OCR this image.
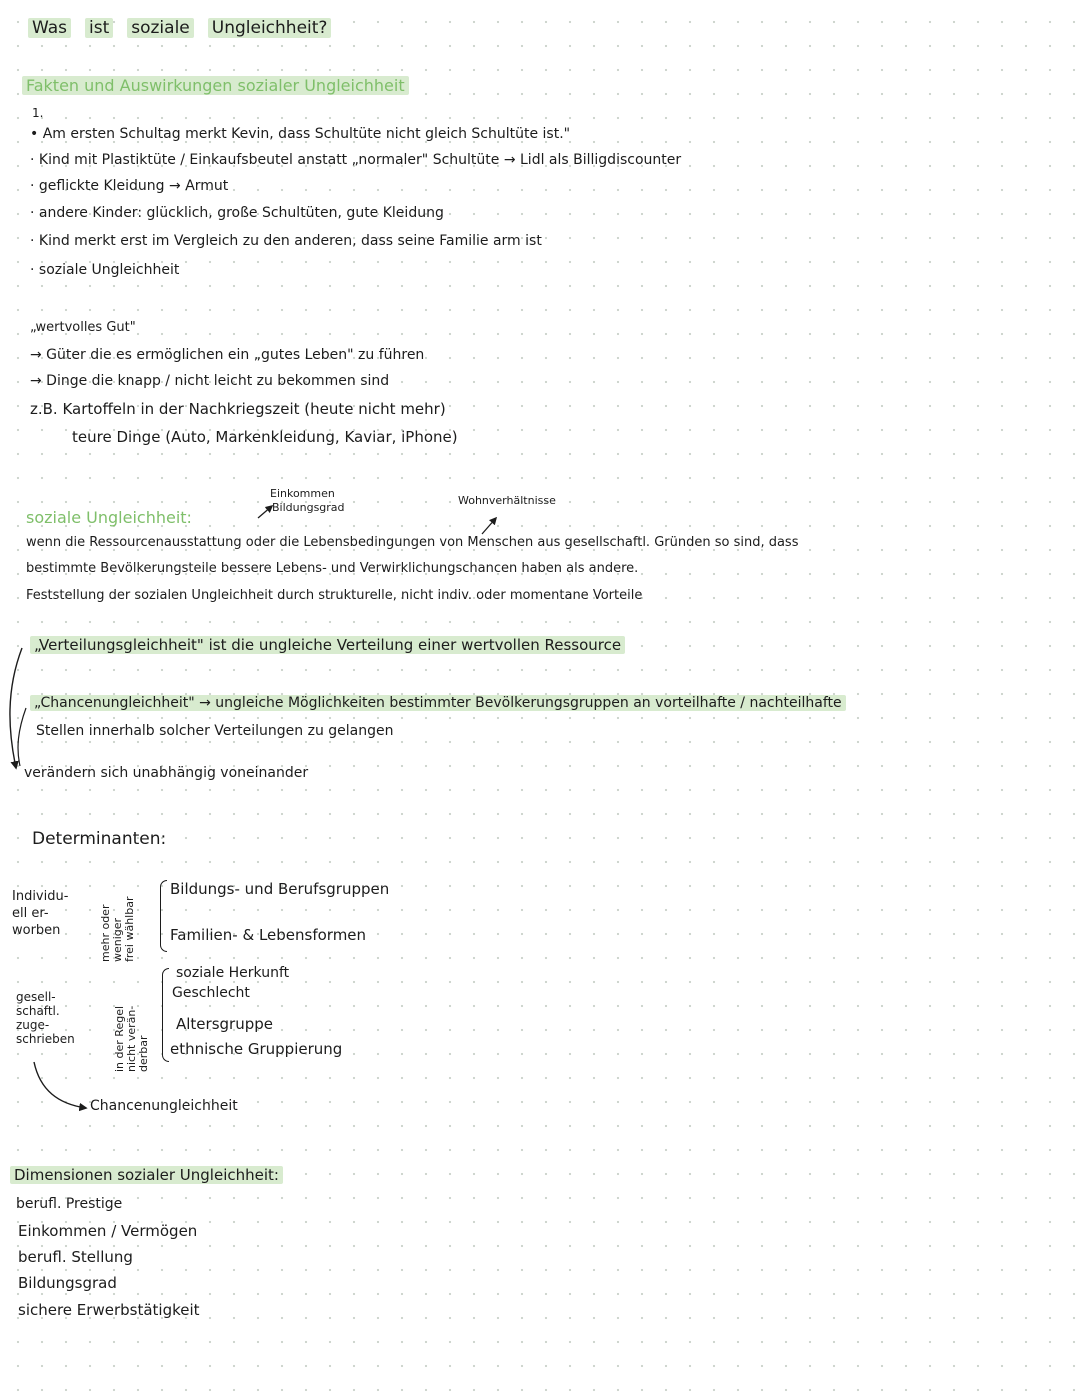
Was ist soziale Ungleichheit?
Fakten und Auswirkungen sozialer Ungleichheit
1.
• Am ersten Schultag merkt Kevin, dass Schultüte nicht gleich Schultüte ist."
· Kind mit Plastiktüte / Einkaufsbeutel anstatt „normaler" Schultüte → Lidl als Billigdiscounter
· geflickte Kleidung → Armut
· andere Kinder: glücklich, große Schultüten, gute Kleidung
· Kind merkt erst im Vergleich zu den anderen, dass seine Familie arm ist
· soziale Ungleichheit
„wertvolles Gut"
→ Güter die es ermöglichen ein „gutes Leben" zu führen
→ Dinge die knapp / nicht leicht zu bekommen sind
z.B. Kartoffeln in der Nachkriegszeit (heute nicht mehr)
teure Dinge (Auto, Markenkleidung, Kaviar, iPhone)
Einkommen
Bildungsgrad
Wohnverhältnisse
soziale Ungleichheit:
wenn die Ressourcenausstattung oder die Lebensbedingungen von Menschen aus gesellschaftl. Gründen so sind, dass
bestimmte Bevölkerungsteile bessere Lebens- und Verwirklichungschancen haben als andere.
Feststellung der sozialen Ungleichheit durch strukturelle, nicht indiv. oder momentane Vorteile
„Verteilungsgleichheit" ist die ungleiche Verteilung einer wertvollen Ressource
„Chancenungleichheit" → ungleiche Möglichkeiten bestimmter Bevölkerungsgruppen an vorteilhafte / nachteilhafte
Stellen innerhalb solcher Verteilungen zu gelangen
verändern sich unabhängig voneinander
Determinanten:
Individu-
ell er-
worben	mehr oder weniger frei wählbar
Bildungs- und Berufsgruppen
Familien- & Lebensformen
gesell-
schaftl.
zuge-
schrieben	in der Regel nicht verän- derbar
soziale Herkunft
Geschlecht
Altersgruppe
ethnische Gruppierung
Chancenungleichheit
Dimensionen sozialer Ungleichheit:
berufl. Prestige
Einkommen / Vermögen
berufl. Stellung
Bildungsgrad
sichere Erwerbstätigkeit
